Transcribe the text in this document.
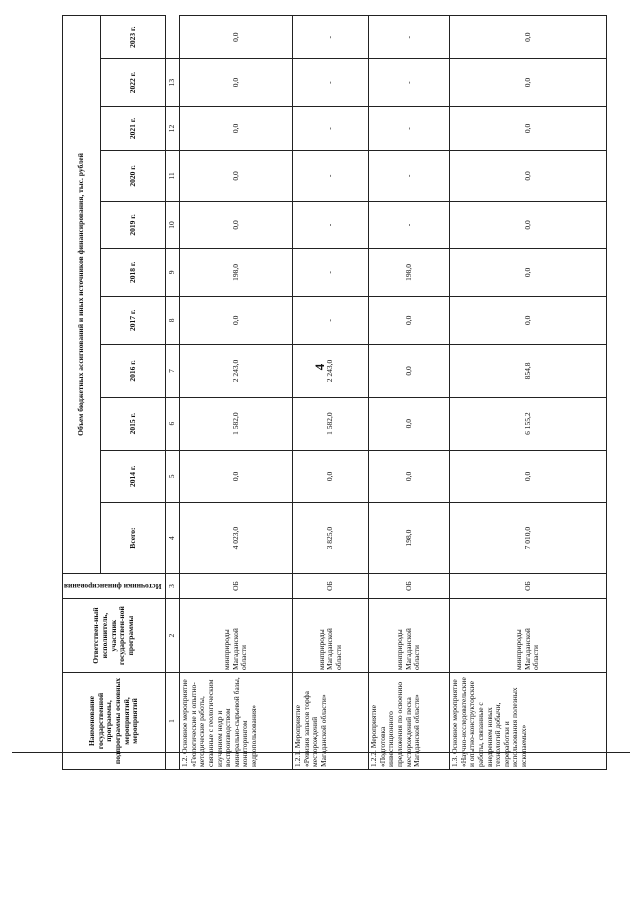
4
Наименование государственной программы, подпрограммы основных мероприятий, мероприятий	Ответствен-ный исполнитель, участник государствен-ной программы	Источники финансирования	Объем бюджетных ассигнований и иных источников финансирования, тыс. рублей										
			Всего:	2014 г.	2015 г.	2016 г.	2017 г.	2018 г.	2019 г.	2020 г.	2021 г.	2022 г.	2023 г.
1	2	3	4	5	6	7	8	9	10	11	12	13	
1.2. Основное мероприятие «Геологические и опытно-методические работы, связанные с геологическим изучением недр и воспроизводством минерально-сырьевой базы, мониторингом недропользования»	минприроды Магаданской области	ОБ	4 023,0	0,0	1 582,0	2 243,0	0,0	198,0	0,0	0,0	0,0	0,0	0,0
1.2.1. Мероприятие «Ревизия запасов торфа месторождений Магаданской области»	минприроды Магаданской области	ОБ	3 825,0	0,0	1 582,0	2 243,0	-	-	-	-	-	-	-
1.2.2. Мероприятие «Подготовка инвестиционного предложения по освоению месторождений песка Магаданской области»	минприроды Магаданской области	ОБ	198,0	0,0	0,0	0,0	0,0	198,0	-	-	-	-	-
1.3. Основное мероприятие «Научно-исследовательские и опытно-конструкторские работы, связанные с внедрением новых технологий добычи, переработки и использования полезных ископаемых»	минприроды Магаданской области	ОБ	7 010,0	0,0	6 155,2	854,8	0,0	0,0	0,0	0,0	0,0	0,0	0,0
